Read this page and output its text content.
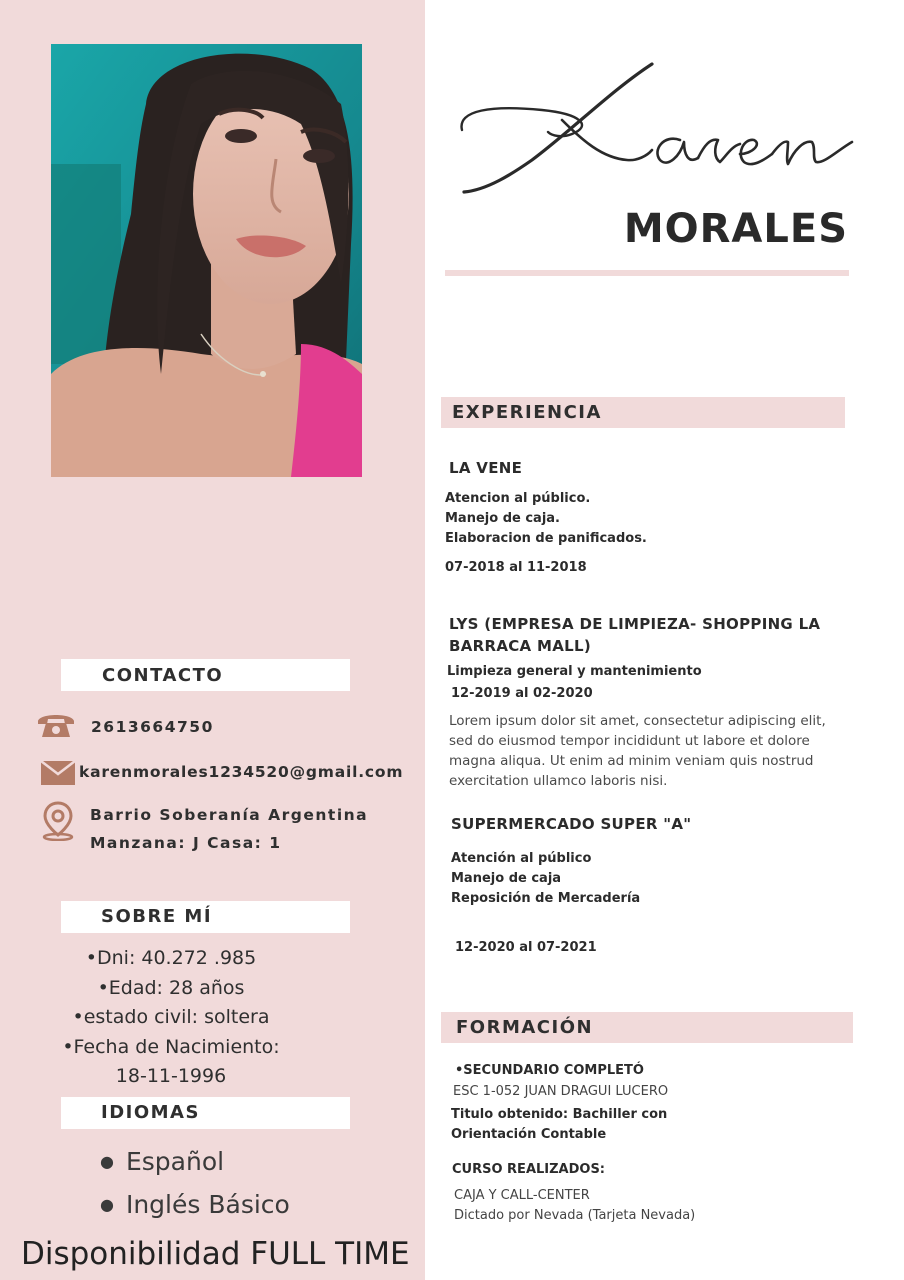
MORALES
EXPERIENCIA
LA VENE
Atencion al público.
Manejo de caja.
Elaboracion de panificados.
07-2018 al 11-2018
LYS (EMPRESA DE LIMPIEZA- SHOPPING LA
BARRACA MALL)
Limpieza general y mantenimiento
12-2019 al 02-2020
Lorem ipsum dolor sit amet, consectetur adipiscing elit,
sed do eiusmod tempor incididunt ut labore et dolore
magna aliqua. Ut enim ad minim veniam quis nostrud
exercitation ullamco laboris nisi.
SUPERMERCADO SUPER "A"
Atención al público
Manejo de caja
Reposición de Mercadería
12-2020 al 07-2021
FORMACIÓN
•SECUNDARIO COMPLETÓ
ESC 1-052 JUAN DRAGUI LUCERO
Titulo obtenido: Bachiller con
Orientación Contable
CURSO REALIZADOS:
CAJA Y CALL-CENTER
Dictado por Nevada (Tarjeta Nevada)
CONTACTO
2613664750
karenmorales1234520@gmail.com
Barrio Soberanía Argentina
Manzana: J Casa: 1
SOBRE MÍ
•Dni: 40.272 .985
•Edad: 28 años
•estado civil: soltera
•Fecha de Nacimiento:
18-11-1996
IDIOMAS
● Español
● Inglés Básico
Disponibilidad FULL TIME
